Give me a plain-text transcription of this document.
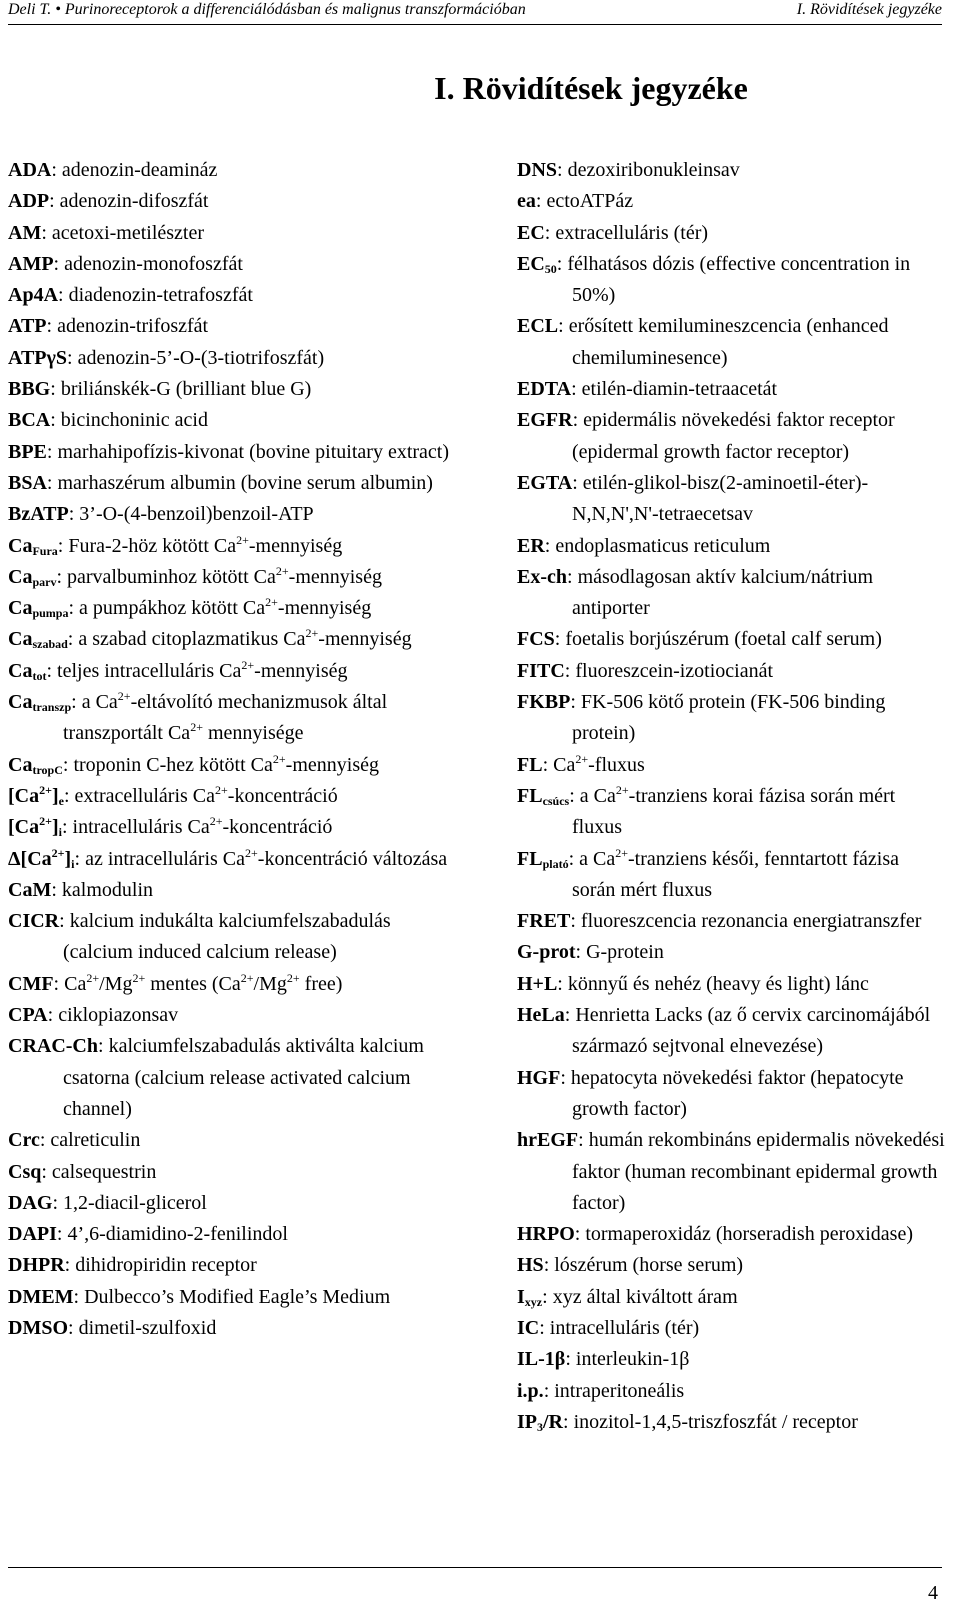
Deli T. • Purinoreceptorok a differenciálódásban és malignus transzformációban	I. Rövidítések jegyzéke
I. Rövidítések jegyzéke
ADA: adenozin-deamináz
ADP: adenozin-difoszfát
AM: acetoxi-metilészter
AMP: adenozin-monofoszfát
Ap4A: diadenozin-tetrafoszfát
ATP: adenozin-trifoszfát
ATPγS: adenozin-5’-O-(3-tiotrifoszfát)
BBG: briliánskék-G (brilliant blue G)
BCA: bicinchoninic acid
BPE: marhahipofízis-kivonat (bovine pituitary extract)
BSA: marhaszérum albumin (bovine serum albumin)
BzATP: 3’-O-(4-benzoil)benzoil-ATP
$Ca_{Fura}$: Fura-2-höz kötött $Ca^{2+}$-mennyiség
$Ca_{parv}$: parvalbuminhoz kötött $Ca^{2+}$-mennyiség
$Ca_{pumpa}$: a pumpákhoz kötött $Ca^{2+}$-mennyiség
$Ca_{szabad}$: a szabad citoplazmatikus $Ca^{2+}$-mennyiség
$Ca_{tot}$: teljes intracelluláris $Ca^{2+}$-mennyiség
$Ca_{transzp}$: a $Ca^{2+}$-eltávolító mechanizmusok által transzportált $Ca^{2+}$ mennyisége
$Ca_{tropC}$: troponin C-hez kötött $Ca^{2+}$-mennyiség
$[Ca^{2+}]_e$: extracelluláris $Ca^{2+}$-koncentráció
$[Ca^{2+}]_i$: intracelluláris $Ca^{2+}$-koncentráció
$\Delta[Ca^{2+}]_i$: az intracelluláris $Ca^{2+}$-koncentráció változása
CaM: kalmodulin
CICR: kalcium indukálta kalciumfelszabadulás (calcium induced calcium release)
CMF: $Ca^{2+}/Mg^{2+}$ mentes ($Ca^{2+}/Mg^{2+}$ free)
CPA: ciklopiazonsav
CRAC-Ch: kalciumfelszabadulás aktiválta kalcium csatorna (calcium release activated calcium channel)
Crc: calreticulin
Csq: calsequestrin
DAG: 1,2-diacil-glicerol
DAPI: 4’,6-diamidino-2-fenilindol
DHPR: dihidropiridin receptor
DMEM: Dulbecco’s Modified Eagle’s Medium
DMSO: dimetil-szulfoxid
DNS: dezoxiribonukleinsav
ea: ectoATPáz
EC: extracelluláris (tér)
$EC_{50}$: félhatásos dózis (effective concentration in 50%)
ECL: erősített kemilumineszcencia (enhanced chemiluminesence)
EDTA: etilén-diamin-tetraacetát
EGFR: epidermális növekedési faktor receptor (epidermal growth factor receptor)
EGTA: etilén-glikol-bisz(2-aminoetil-éter)-N,N,N',N'-tetraecetsav
ER: endoplasmaticus reticulum
Ex-ch: másodlagosan aktív kalcium/nátrium antiporter
FCS: foetalis borjúszérum (foetal calf serum)
FITC: fluoreszcein-izotiocianát
FKBP: FK-506 kötő protein (FK-506 binding protein)
FL: $Ca^{2+}$-fluxus
$FL_{csúcs}$: a $Ca^{2+}$-tranziens korai fázisa során mért fluxus
$FL_{plató}$: a $Ca^{2+}$-tranziens késői, fenntartott fázisa során mért fluxus
FRET: fluoreszcencia rezonancia energiatranszfer
G-prot: G-protein
H+L: könnyű és nehéz (heavy és light) lánc
HeLa: Henrietta Lacks (az ő cervix carcinomájából származó sejtvonal elnevezése)
HGF: hepatocyta növekedési faktor (hepatocyte growth factor)
hrEGF: humán rekombináns epidermalis növekedési faktor (human recombinant epidermal growth factor)
HRPO: tormaperoxidáz (horseradish peroxidase)
HS: lószérum (horse serum)
$I_{xyz}$: xyz által kiváltott áram
IC: intracelluláris (tér)
IL-1β: interleukin-1β
i.p.: intraperitoneális
$IP_3/R$: inozitol-1,4,5-triszfoszfát / receptor
4
